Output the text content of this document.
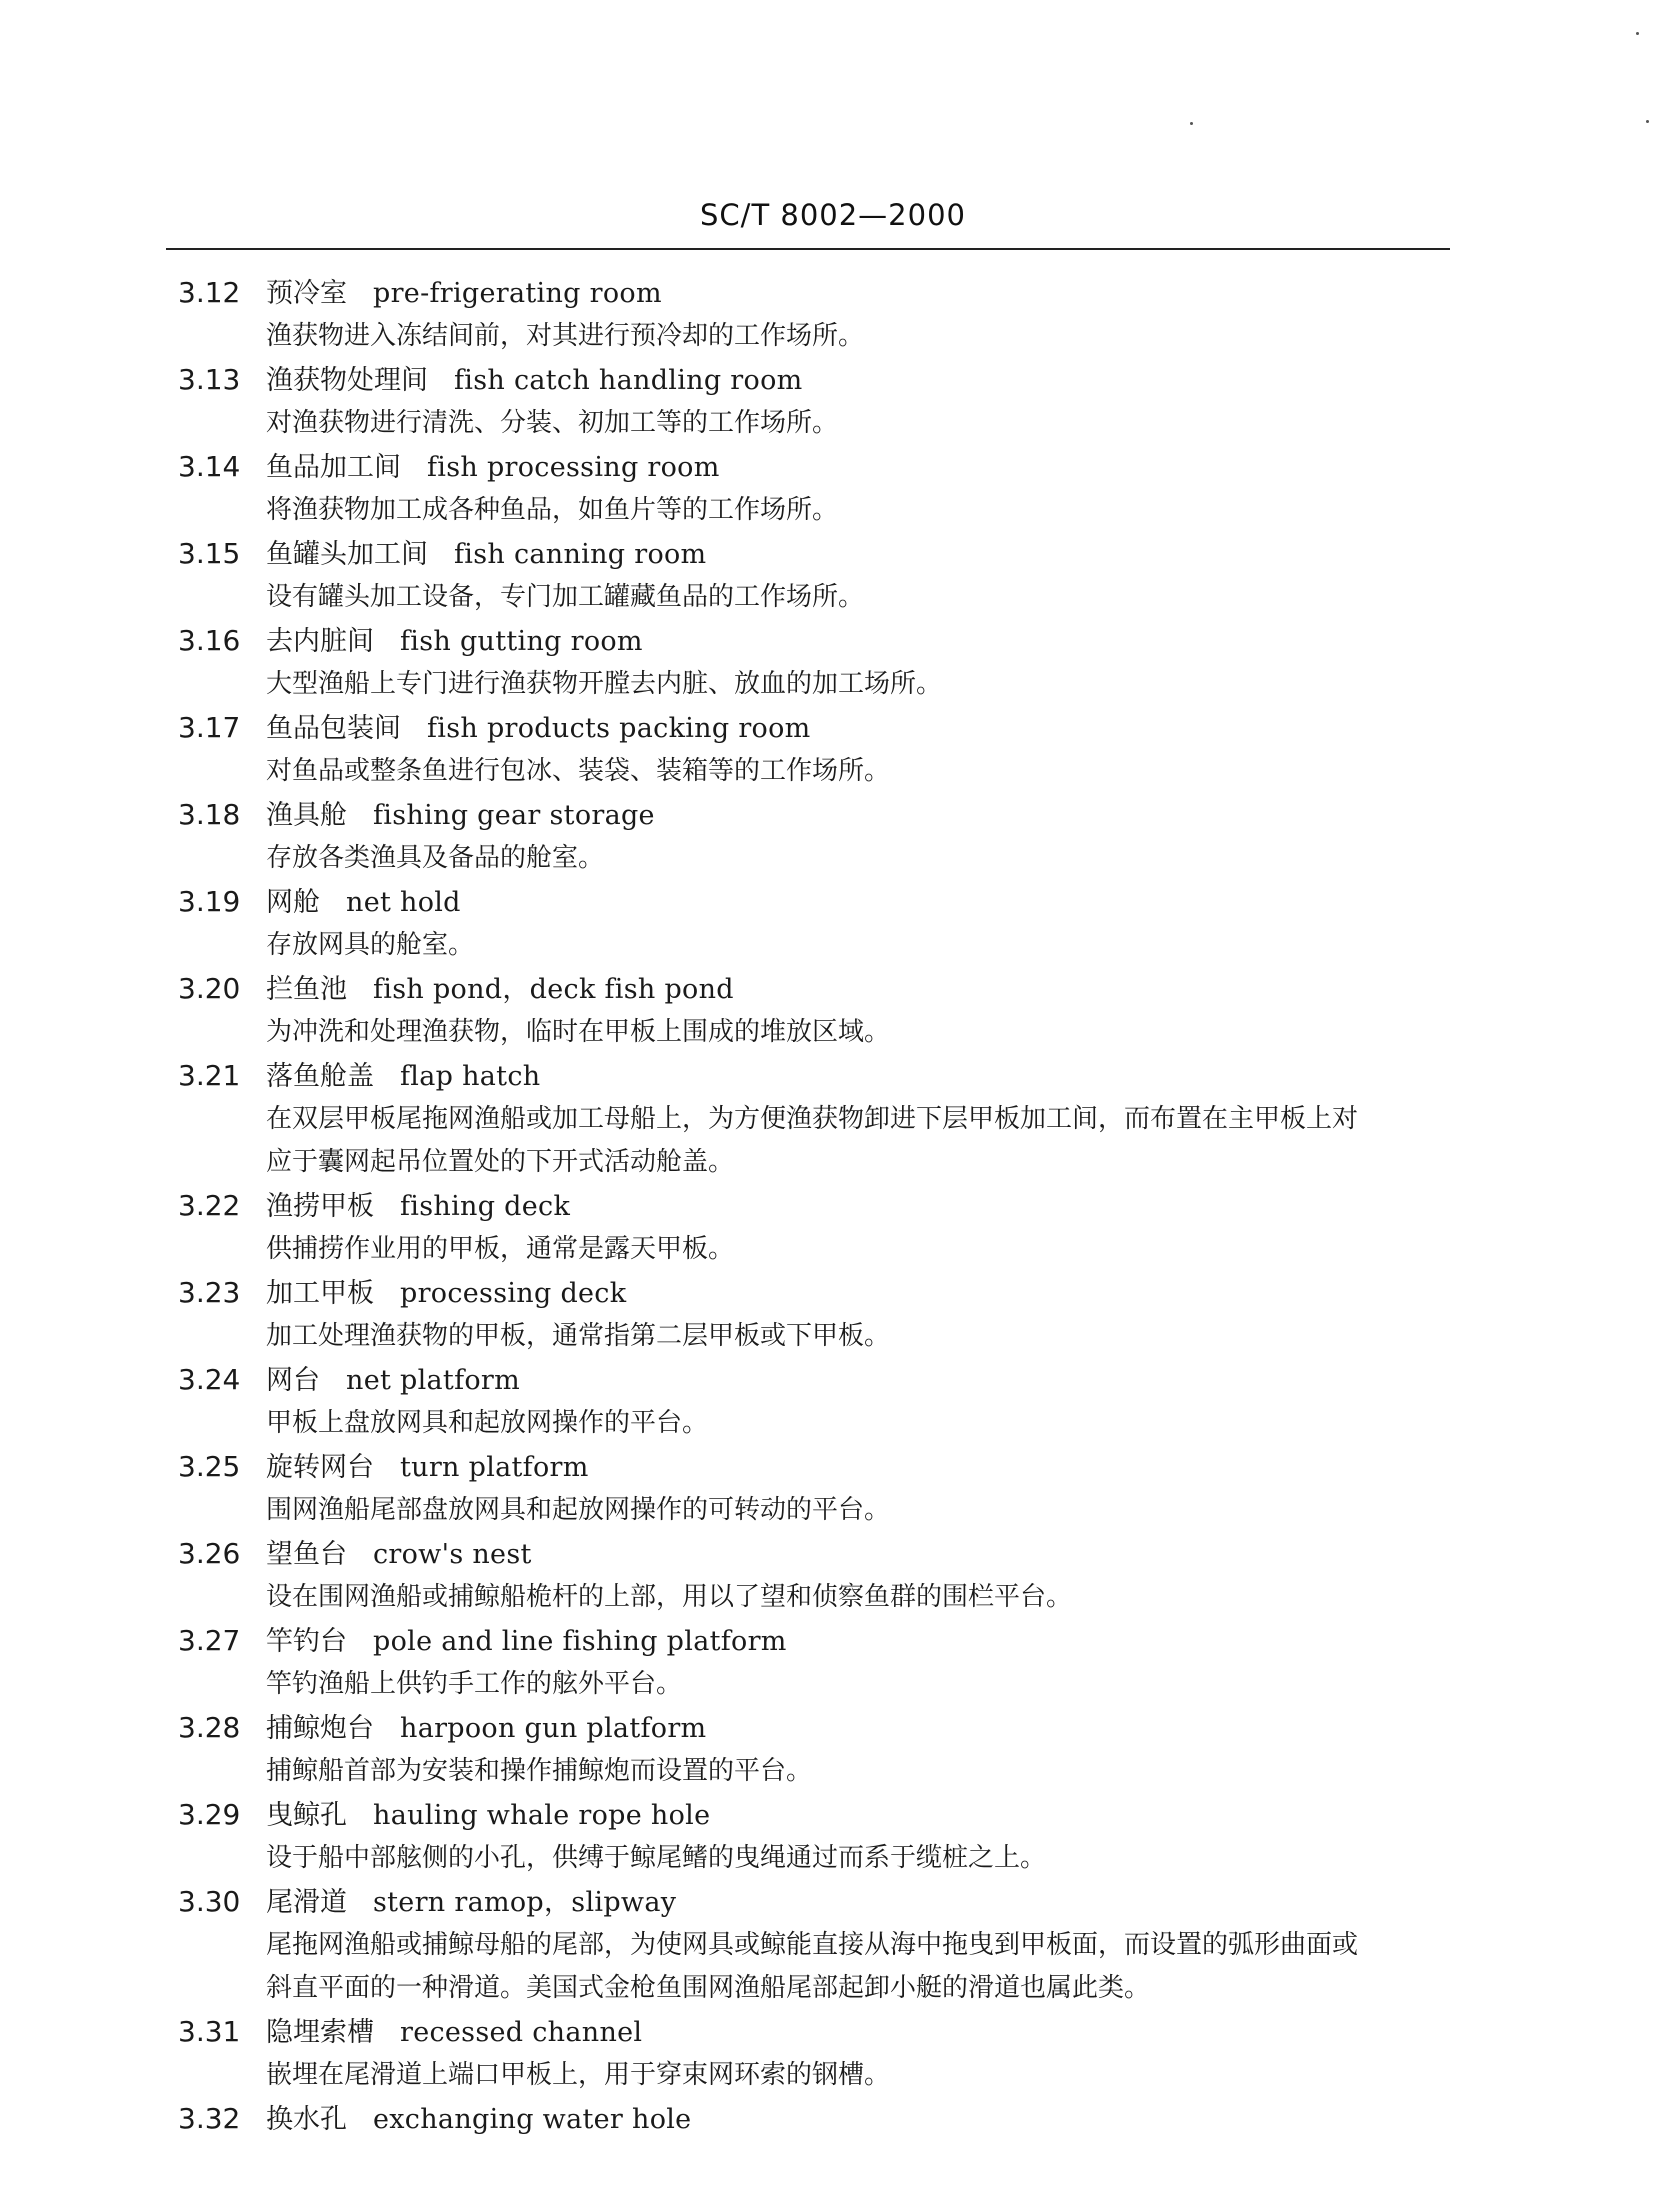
SC/T 8002—2000
3.12 预冷室 pre-frigerating room
渔获物进入冻结间前，对其进行预冷却的工作场所。
3.13 渔获物处理间 fish catch handling room
对渔获物进行清洗、分装、初加工等的工作场所。
3.14 鱼品加工间 fish processing room
将渔获物加工成各种鱼品，如鱼片等的工作场所。
3.15 鱼罐头加工间 fish canning room
设有罐头加工设备，专门加工罐藏鱼品的工作场所。
3.16 去内脏间 fish gutting room
大型渔船上专门进行渔获物开膛去内脏、放血的加工场所。
3.17 鱼品包装间 fish products packing room
对鱼品或整条鱼进行包冰、装袋、装箱等的工作场所。
3.18 渔具舱 fishing gear storage
存放各类渔具及备品的舱室。
3.19 网舱 net hold
存放网具的舱室。
3.20 拦鱼池 fish pond，deck fish pond
为冲洗和处理渔获物，临时在甲板上围成的堆放区域。
3.21 落鱼舱盖 flap hatch
在双层甲板尾拖网渔船或加工母船上，为方便渔获物卸进下层甲板加工间，而布置在主甲板上对
应于囊网起吊位置处的下开式活动舱盖。
3.22 渔捞甲板 fishing deck
供捕捞作业用的甲板，通常是露天甲板。
3.23 加工甲板 processing deck
加工处理渔获物的甲板，通常指第二层甲板或下甲板。
3.24 网台 net platform
甲板上盘放网具和起放网操作的平台。
3.25 旋转网台 turn platform
围网渔船尾部盘放网具和起放网操作的可转动的平台。
3.26 望鱼台 crow's nest
设在围网渔船或捕鲸船桅杆的上部，用以了望和侦察鱼群的围栏平台。
3.27 竿钓台 pole and line fishing platform
竿钓渔船上供钓手工作的舷外平台。
3.28 捕鲸炮台 harpoon gun platform
捕鲸船首部为安装和操作捕鲸炮而设置的平台。
3.29 曳鲸孔 hauling whale rope hole
设于船中部舷侧的小孔，供缚于鲸尾鳍的曳绳通过而系于缆桩之上。
3.30 尾滑道 stern ramop，slipway
尾拖网渔船或捕鲸母船的尾部，为使网具或鲸能直接从海中拖曳到甲板面，而设置的弧形曲面或
斜直平面的一种滑道。美国式金枪鱼围网渔船尾部起卸小艇的滑道也属此类。
3.31 隐埋索槽 recessed channel
嵌埋在尾滑道上端口甲板上，用于穿束网环索的钢槽。
3.32 换水孔 exchanging water hole
